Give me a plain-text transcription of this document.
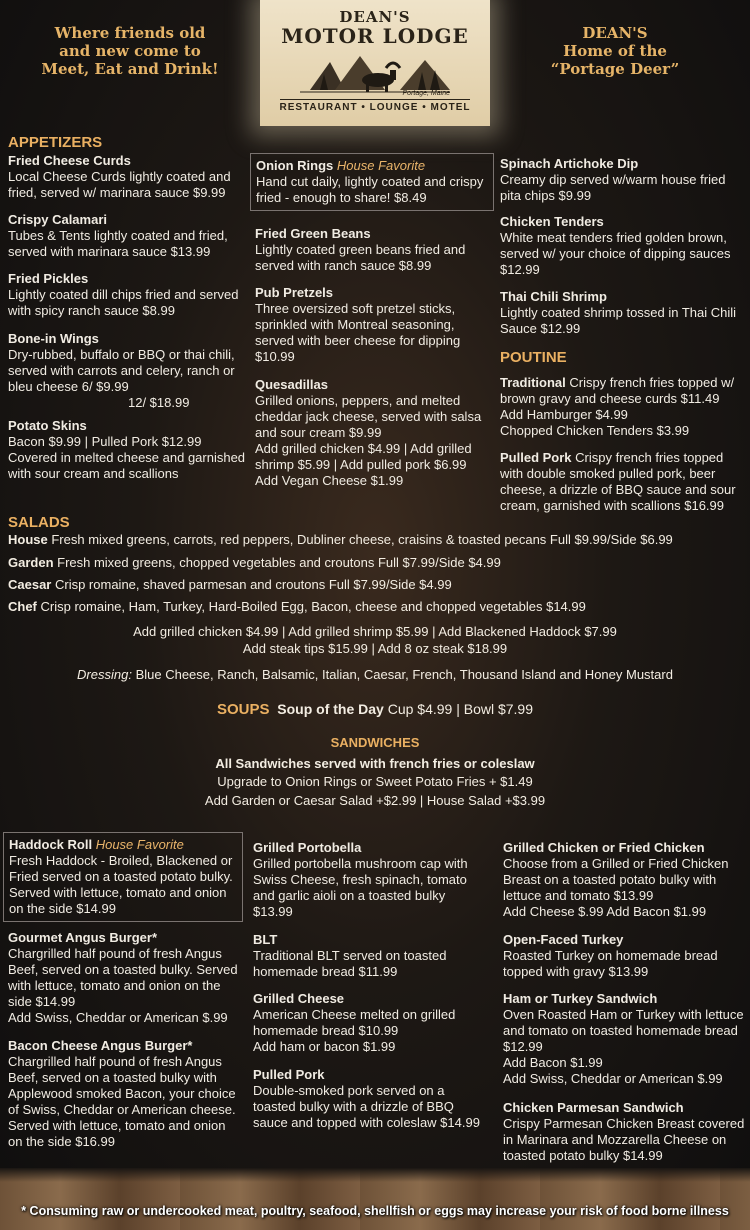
Where friends old
and new come to
Meet, Eat and Drink!
DEAN'S
Home of the
“Portage Deer”
DEAN'S
MOTOR LODGE
Portage, Maine
RESTAURANT • LOUNGE • MOTEL
APPETIZERS
Fried Cheese Curds
Local Cheese Curds lightly coated and fried, served w/ marinara sauce $9.99
Crispy Calamari
Tubes & Tents lightly coated and fried, served with marinara sauce $13.99
Fried Pickles
Lightly coated dill chips fried and served with spicy ranch sauce $8.99
Bone-in Wings
Dry-rubbed, buffalo or BBQ or thai chili, served with carrots and celery, ranch or bleu cheese 6/ $9.99
12/ $18.99
Potato Skins
Bacon $9.99 | Pulled Pork $12.99 Covered in melted cheese and garnished with sour cream and scallions
Onion Rings House Favorite
Hand cut daily, lightly coated and crispy fried - enough to share! $8.49
Fried Green Beans
Lightly coated green beans fried and served with ranch sauce $8.99
Pub Pretzels
Three oversized soft pretzel sticks, sprinkled with Montreal seasoning, served with beer cheese for dipping $10.99
Quesadillas
Grilled onions, peppers, and melted cheddar jack cheese, served with salsa and sour cream $9.99
Add grilled chicken $4.99 | Add grilled shrimp $5.99 | Add pulled pork $6.99
Add Vegan Cheese $1.99
Spinach Artichoke Dip
Creamy dip served w/warm house fried pita chips $9.99
Chicken Tenders
White meat tenders fried golden brown, served w/ your choice of dipping sauces $12.99
Thai Chili Shrimp
Lightly coated shrimp tossed in Thai Chili Sauce $12.99
POUTINE
Traditional Crispy french fries topped w/ brown gravy and cheese curds $11.49
Add Hamburger $4.99
Chopped Chicken Tenders $3.99
Pulled Pork Crispy french fries topped with double smoked pulled pork, beer cheese, a drizzle of BBQ sauce and sour cream, garnished with scallions $16.99
SALADS
House Fresh mixed greens, carrots, red peppers, Dubliner cheese, craisins & toasted pecans Full $9.99/Side $6.99
Garden Fresh mixed greens, chopped vegetables and croutons Full $7.99/Side $4.99
Caesar Crisp romaine, shaved parmesan and croutons Full $7.99/Side $4.99
Chef Crisp romaine, Ham, Turkey, Hard-Boiled Egg, Bacon, cheese and chopped vegetables $14.99
Add grilled chicken $4.99 | Add grilled shrimp $5.99 | Add Blackened Haddock $7.99
Add steak tips $15.99 | Add 8 oz steak $18.99
Dressing: Blue Cheese, Ranch, Balsamic, Italian, Caesar, French, Thousand Island and Honey Mustard
SOUPS Soup of the Day Cup $4.99 | Bowl $7.99
SANDWICHES
All Sandwiches served with french fries or coleslaw
Upgrade to Onion Rings or Sweet Potato Fries + $1.49
Add Garden or Caesar Salad +$2.99 | House Salad +$3.99
Haddock Roll House Favorite
Fresh Haddock - Broiled, Blackened or Fried served on a toasted potato bulky. Served with lettuce, tomato and onion on the side $14.99
Gourmet Angus Burger*
Chargrilled half pound of fresh Angus Beef, served on a toasted bulky. Served with lettuce, tomato and onion on the side $14.99
Add Swiss, Cheddar or American $.99
Bacon Cheese Angus Burger*
Chargrilled half pound of fresh Angus Beef, served on a toasted bulky with Applewood smoked Bacon, your choice of Swiss, Cheddar or American cheese. Served with lettuce, tomato and onion on the side $16.99
Grilled Portobella
Grilled portobella mushroom cap with Swiss Cheese, fresh spinach, tomato and garlic aioli on a toasted bulky $13.99
BLT
Traditional BLT served on toasted homemade bread $11.99
Grilled Cheese
American Cheese melted on grilled homemade bread $10.99
Add ham or bacon $1.99
Pulled Pork
Double-smoked pork served on a toasted bulky with a drizzle of BBQ sauce and topped with coleslaw $14.99
Grilled Chicken or Fried Chicken
Choose from a Grilled or Fried Chicken Breast on a toasted potato bulky with lettuce and tomato $13.99
Add Cheese $.99 Add Bacon $1.99
Open-Faced Turkey
Roasted Turkey on homemade bread topped with gravy $13.99
Ham or Turkey Sandwich
Oven Roasted Ham or Turkey with lettuce and tomato on toasted homemade bread $12.99
Add Bacon $1.99
Add Swiss, Cheddar or American $.99
Chicken Parmesan Sandwich
Crispy Parmesan Chicken Breast covered in Marinara and Mozzarella Cheese on toasted potato bulky $14.99
* Consuming raw or undercooked meat, poultry, seafood, shellfish or eggs may increase your risk of food borne illness
